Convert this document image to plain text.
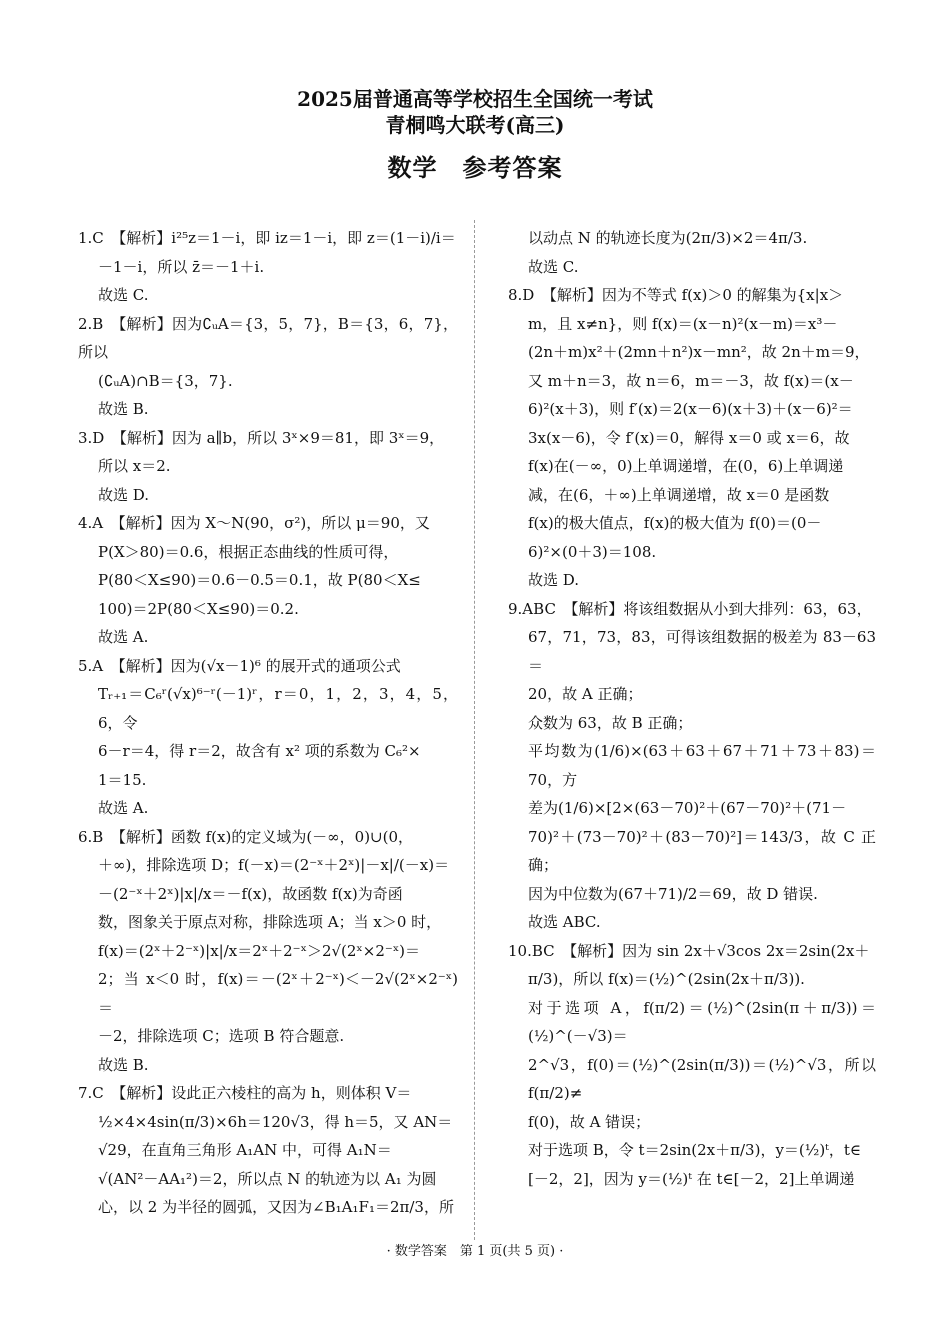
2025届普通高等学校招生全国统一考试
青桐鸣大联考(高三)
数学　参考答案
1.C　【解析】i²⁵z＝1－i，即 iz＝1－i，即 z＝(1－i)/i＝
－1－i，所以 z̄＝－1＋i.
故选 C.
2.B　【解析】因为∁ᵤA＝{3，5，7}，B＝{3，6，7}，所以
(∁ᵤA)∩B＝{3，7}.
故选 B.
3.D　【解析】因为 a∥b，所以 3ˣ×9＝81，即 3ˣ＝9，
所以 x＝2.
故选 D.
4.A　【解析】因为 X～N(90，σ²)，所以 μ＝90，又
P(X＞80)＝0.6，根据正态曲线的性质可得，
P(80＜X≤90)＝0.6－0.5＝0.1，故 P(80＜X≤
100)＝2P(80＜X≤90)＝0.2.
故选 A.
5.A　【解析】因为(√x－1)⁶ 的展开式的通项公式
Tᵣ₊₁＝C₆ʳ(√x)⁶⁻ʳ(－1)ʳ，r＝0，1，2，3，4，5，6，令
6－r＝4，得 r＝2，故含有 x² 项的系数为 C₆²×
1＝15.
故选 A.
6.B　【解析】函数 f(x)的定义域为(－∞，0)∪(0，
＋∞)，排除选项 D；f(－x)＝(2⁻ˣ＋2ˣ)|－x|/(－x)＝
－(2⁻ˣ＋2ˣ)|x|/x＝－f(x)，故函数 f(x)为奇函
数，图象关于原点对称，排除选项 A；当 x＞0 时，
f(x)＝(2ˣ＋2⁻ˣ)|x|/x＝2ˣ＋2⁻ˣ＞2√(2ˣ×2⁻ˣ)＝
2；当 x＜0 时，f(x)＝－(2ˣ＋2⁻ˣ)＜－2√(2ˣ×2⁻ˣ)＝
－2，排除选项 C；选项 B 符合题意.
故选 B.
7.C　【解析】设此正六棱柱的高为 h，则体积 V＝
½×4×4sin(π/3)×6h＝120√3，得 h＝5，又 AN＝
√29，在直角三角形 A₁AN 中，可得 A₁N＝
√(AN²－AA₁²)＝2，所以点 N 的轨迹为以 A₁ 为圆
心，以 2 为半径的圆弧，又因为∠B₁A₁F₁＝2π/3，所
以动点 N 的轨迹长度为(2π/3)×2＝4π/3.
故选 C.
8.D　【解析】因为不等式 f(x)＞0 的解集为{x|x＞
m，且 x≠n}，则 f(x)＝(x－n)²(x－m)＝x³－
(2n＋m)x²＋(2mn＋n²)x－mn²，故 2n＋m＝9，
又 m＋n＝3，故 n＝6，m＝－3，故 f(x)＝(x－
6)²(x＋3)，则 f′(x)＝2(x－6)(x＋3)＋(x－6)²＝
3x(x－6)，令 f′(x)＝0，解得 x＝0 或 x＝6，故
f(x)在(－∞，0)上单调递增，在(0，6)上单调递
减，在(6，＋∞)上单调递增，故 x＝0 是函数
f(x)的极大值点，f(x)的极大值为 f(0)＝(0－
6)²×(0＋3)＝108.
故选 D.
9.ABC　【解析】将该组数据从小到大排列：63，63，
67，71，73，83，可得该组数据的极差为 83－63＝
20，故 A 正确；
众数为 63，故 B 正确；
平均数为(1/6)×(63＋63＋67＋71＋73＋83)＝70，方
差为(1/6)×[2×(63－70)²＋(67－70)²＋(71－
70)²＋(73－70)²＋(83－70)²]＝143/3，故 C 正确；
因为中位数为(67＋71)/2＝69，故 D 错误.
故选 ABC.
10.BC　【解析】因为 sin 2x＋√3cos 2x＝2sin(2x＋
π/3)，所以 f(x)＝(½)^(2sin(2x＋π/3)).
对于选项 A，f(π/2)＝(½)^(2sin(π＋π/3))＝(½)^(－√3)＝
2^√3，f(0)＝(½)^(2sin(π/3))＝(½)^√3，所以 f(π/2)≠
f(0)，故 A 错误；
对于选项 B，令 t＝2sin(2x＋π/3)，y＝(½)ᵗ，t∈
[－2，2]，因为 y＝(½)ᵗ 在 t∈[－2，2]上单调递
· 数学答案　第 1 页(共 5 页) ·
